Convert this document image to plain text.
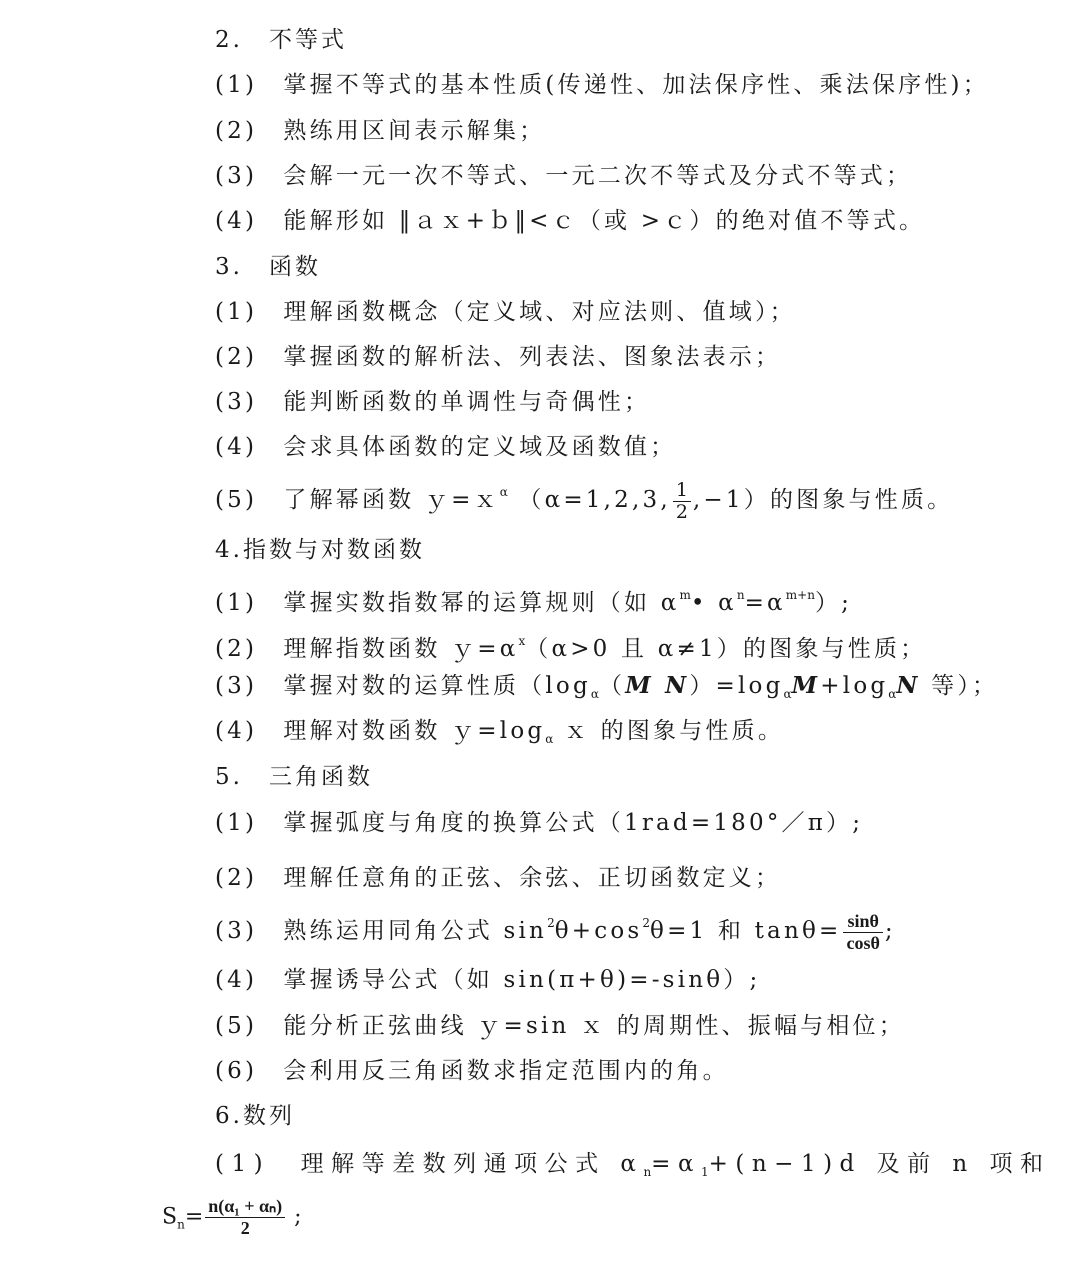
2.　不等式
(1)　掌握不等式的基本性质(传递性、加法保序性、乘法保序性)；
(2)　熟练用区间表示解集；
(3)　会解一元一次不等式、一元二次不等式及分式不等式；
(4)　能解形如 ‖ａｘ+ｂ‖<ｃ（或 >ｃ）的绝对值不等式。
3.　函数
(1)　理解函数概念（定义域、对应法则、值域）；
(2)　掌握函数的解析法、列表法、图象法表示；
(3)　能判断函数的单调性与奇偶性；
(4)　会求具体函数的定义域及函数值；
(5)　了解幂函数 ｙ=ｘ$^\alpha$ （α=1,2,3, $\frac{1}{2} ,-1$）的图象与性质。
4.指数与对数函数
(1)　掌握实数指数幂的运算规则（如 $\alpha^m•$ $\alpha^n=\alpha^{m+n}$）;
(2)　理解指数函数 $y=\alpha^x(\alpha>0$ 且 α≠1）的图象与性质；
(3)　掌握对数的运算性质（$\log_\alpha(M$ $N)=\log_\alpha M+\log_\alpha N$ 等）；
(4)　理解对数函数 $y=\log_\alpha$ ｘ 的图象与性质。
5.　三角函数
(1)　掌握弧度与角度的换算公式（1rad=180°／π）;
(2)　理解任意角的正弦、余弦、正切函数定义；
(3)　熟练运用同角公式 $\sin^2\theta+\cos^2\theta=1$ 和 $\tan\theta= \frac{\sin\theta}{\cos\theta}$ ;
(4)　掌握诱导公式（如 sin(π+θ)=-sinθ）;
(5)　能分析正弦曲线 ｙ=sin ｘ 的周期性、振幅与相位；
(6)　会利用反三角函数求指定范围内的角。
6.数列
(1)　理解等差数列通项公式 $\alpha_n=\alpha_1+(n-1)d$ 及前 n 项和
$S_n= \frac{\text{n(α₁ + αₙ)}}{2}$ ;
